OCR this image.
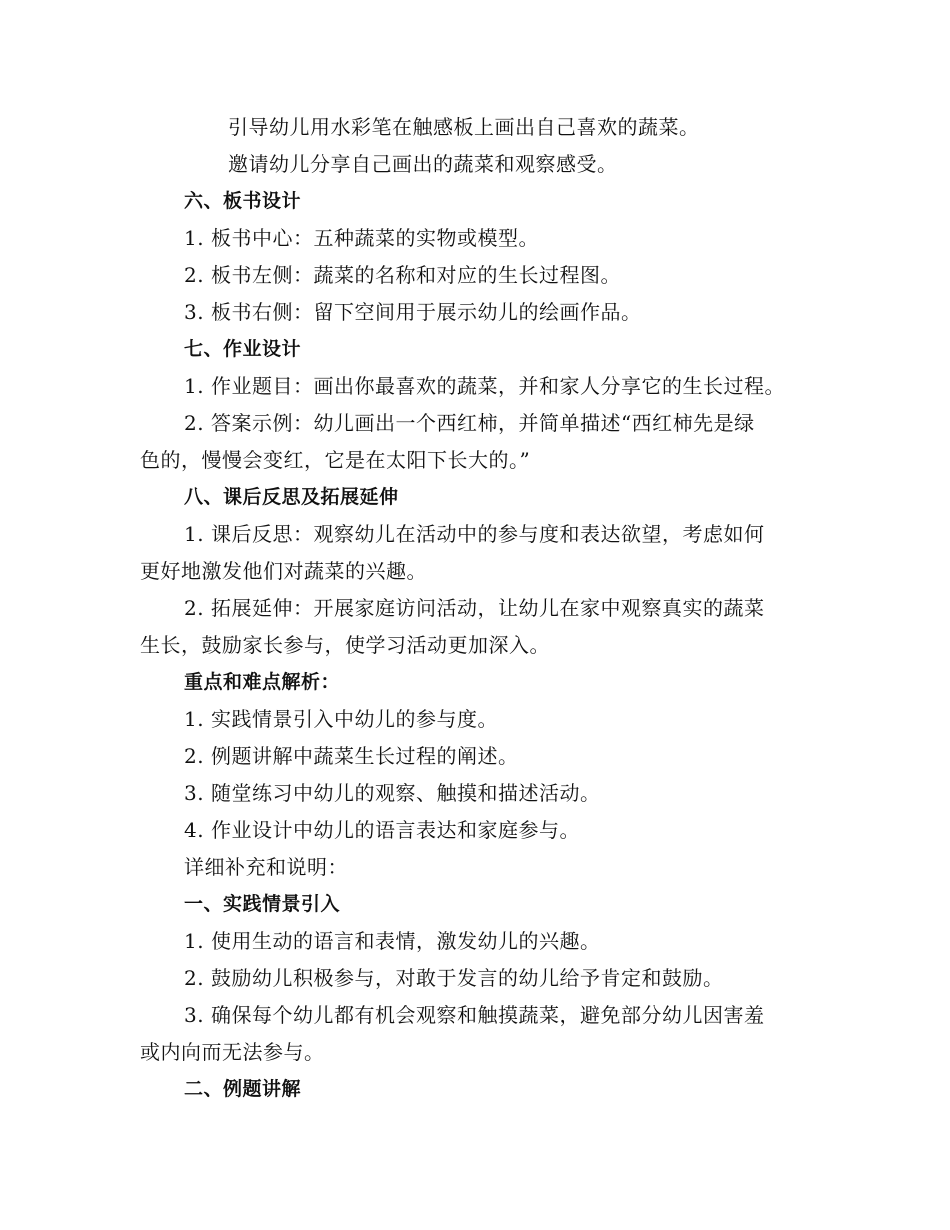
引导幼儿用水彩笔在触感板上画出自己喜欢的蔬菜。
邀请幼儿分享自己画出的蔬菜和观察感受。
六、板书设计
1. 板书中心：五种蔬菜的实物或模型。
2. 板书左侧：蔬菜的名称和对应的生长过程图。
3. 板书右侧：留下空间用于展示幼儿的绘画作品。
七、作业设计
1. 作业题目：画出你最喜欢的蔬菜，并和家人分享它的生长过程。
2. 答案示例：幼儿画出一个西红柿，并简单描述“西红柿先是绿
色的，慢慢会变红，它是在太阳下长大的。”
八、课后反思及拓展延伸
1. 课后反思：观察幼儿在活动中的参与度和表达欲望，考虑如何
更好地激发他们对蔬菜的兴趣。
2. 拓展延伸：开展家庭访问活动，让幼儿在家中观察真实的蔬菜
生长，鼓励家长参与，使学习活动更加深入。
重点和难点解析：
1. 实践情景引入中幼儿的参与度。
2. 例题讲解中蔬菜生长过程的阐述。
3. 随堂练习中幼儿的观察、触摸和描述活动。
4. 作业设计中幼儿的语言表达和家庭参与。
详细补充和说明：
一、实践情景引入
1. 使用生动的语言和表情，激发幼儿的兴趣。
2. 鼓励幼儿积极参与，对敢于发言的幼儿给予肯定和鼓励。
3. 确保每个幼儿都有机会观察和触摸蔬菜，避免部分幼儿因害羞
或内向而无法参与。
二、例题讲解
